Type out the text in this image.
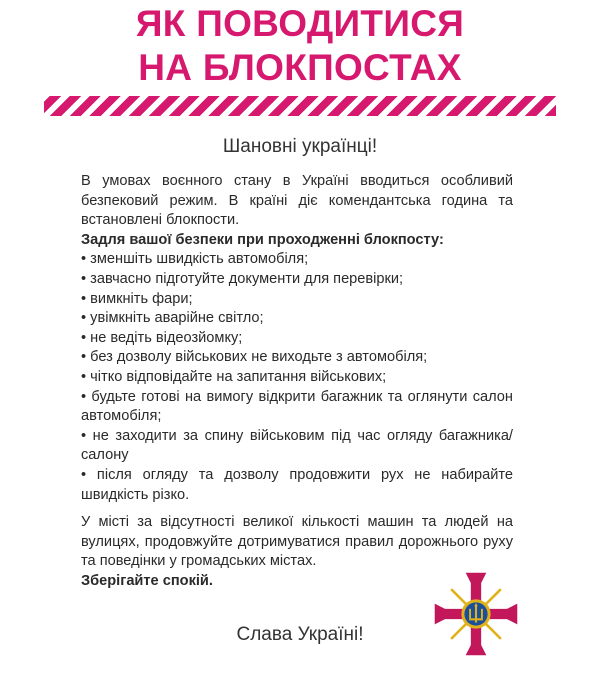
ЯК ПОВОДИТИСЯ
НА БЛОКПОСТАХ
Шановні українці!

В умовах воєнного стану в Україні вводиться особливий безпековий режим. В країні діє комендантська година та встановлені блокпости.

Задля вашої безпеки при проходженні блокпосту:

• зменшіть швидкість автомобіля;
• завчасно підготуйте документи для перевірки;
• вимкніть фари;
• увімкніть аварійне світло;
• не ведіть відеозйомку;
• без дозволу військових не виходьте з автомобіля;
• чітко відповідайте на запитання військових;
• будьте готові на вимогу відкрити багажник та оглянути салон автомобіля;
• не заходити за спину військовим під час огляду багажника/салону
• після огляду та дозволу продовжити рух не набирайте швидкість різко.

У місті за відсутності великої кількості машин та людей на вулицях, продовжуйте дотримуватися правил дорожнього руху та поведінки у громадських містах.

Зберігайте спокій.

Слава Україні!
